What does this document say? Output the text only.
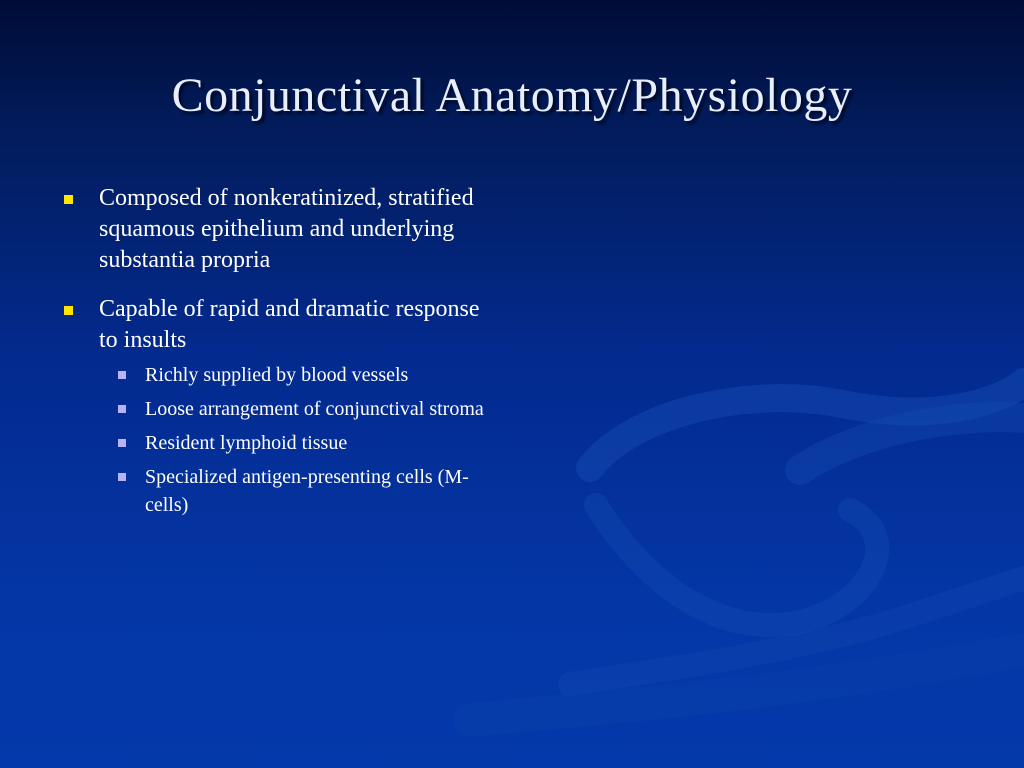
Conjunctival Anatomy/Physiology
Composed of nonkeratinized, stratified squamous epithelium and underlying substantia propria
Capable of rapid and dramatic response to insults
Richly supplied by blood vessels
Loose arrangement of conjunctival stroma
Resident lymphoid tissue
Specialized antigen-presenting cells (M-cells)
